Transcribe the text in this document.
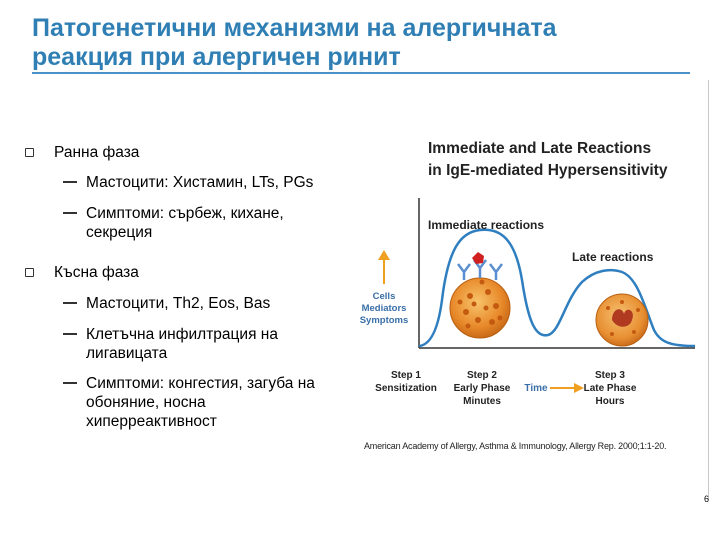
Патогенетични механизми на алергичната
реакция при алергичен ринит
Ранна фаза
Мастоцити: Хистамин, LTs, PGs
Симптоми: сърбеж, кихане,
секреция
Късна фаза
Мастоцити, Th2, Eos, Bas
Клетъчна инфилтрация на
лигавицата
Симптоми: конгестия, загуба на
обоняние, носна
хиперреактивност
Immediate and Late Reactions
in IgE-mediated Hypersensitivity
Immediate reactions
Late reactions
Cells
Mediators
Symptoms
Step 1
Sensitization
Step 2
Early Phase
Minutes
Time
Step 3
Late Phase
Hours
American Academy of Allergy, Asthma & Immunology, Allergy Rep. 2000;1:1-20.
6
